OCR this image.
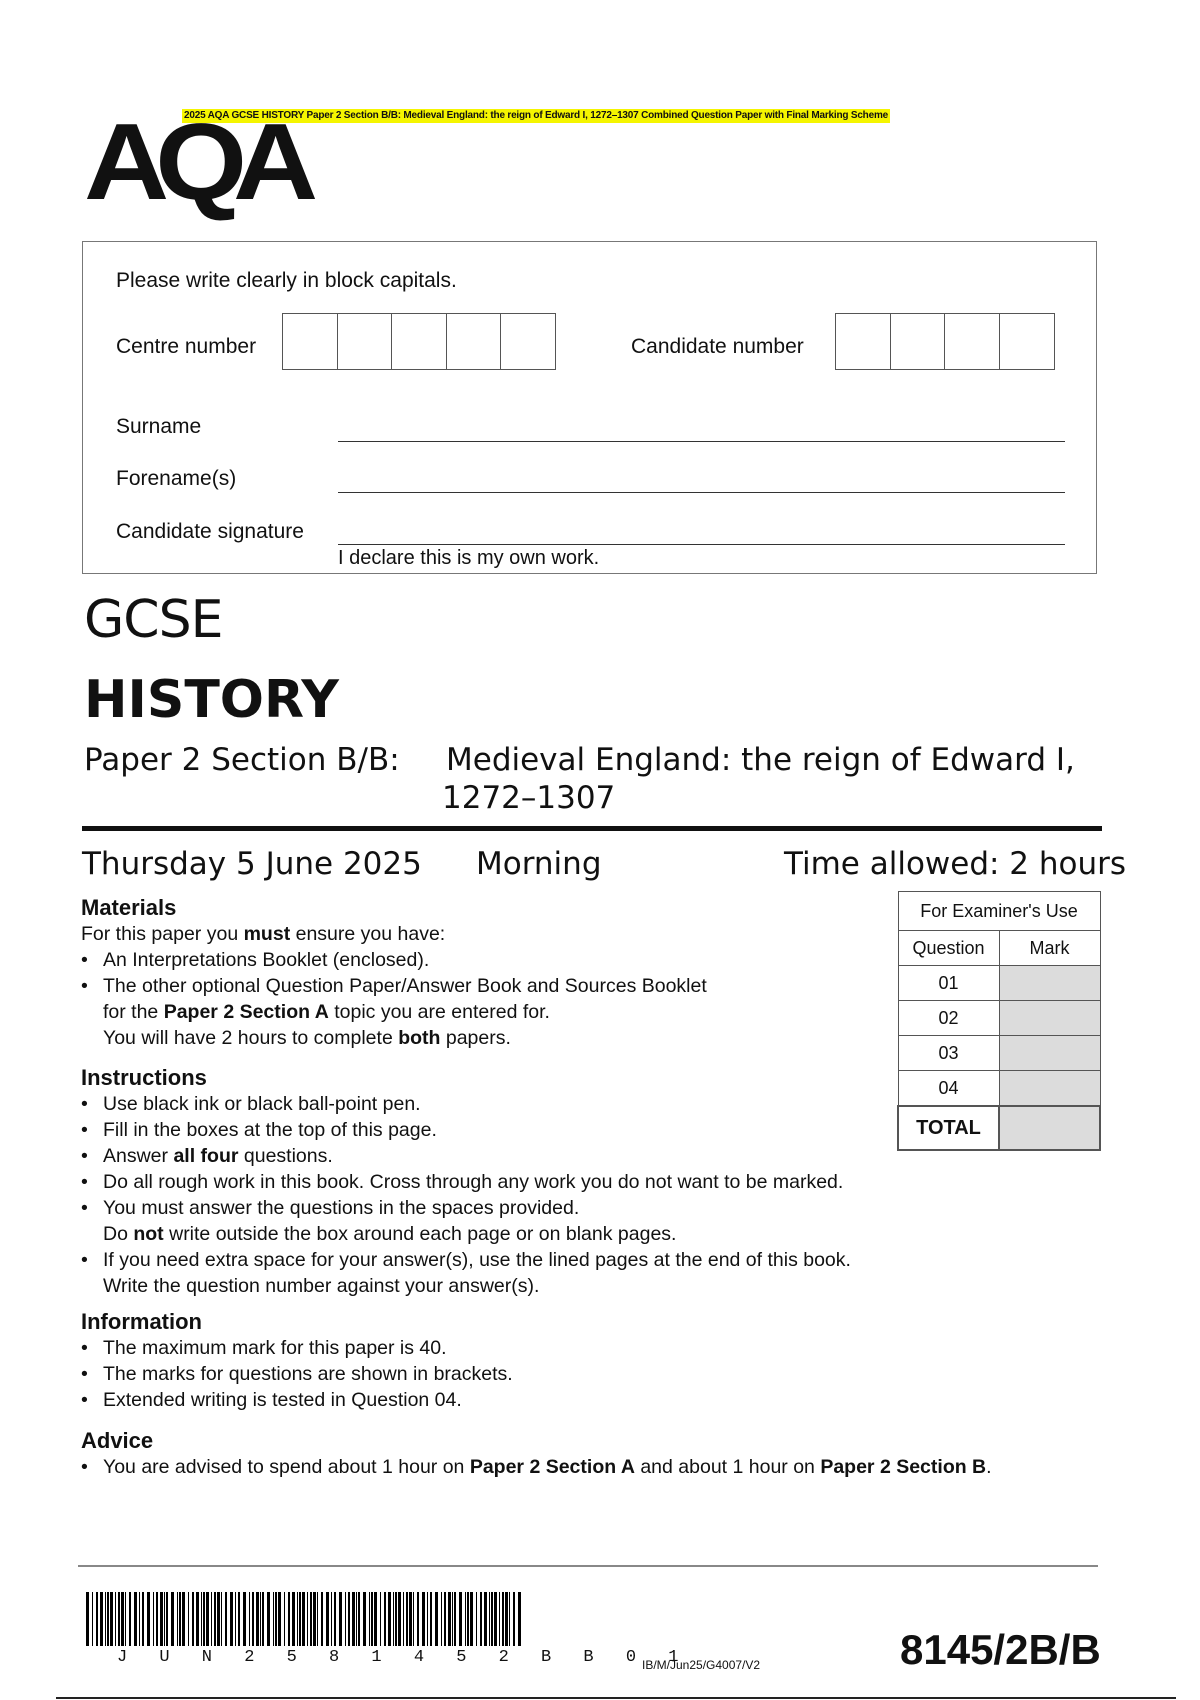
2025 AQA GCSE HISTORY Paper 2 Section B/B: Medieval England: the reign of Edward I, 1272–1307 Combined Question Paper with Final Marking Scheme
AQA
Please write clearly in block capitals.
Centre number	Candidate number
Surname
Forename(s)
Candidate signature
I declare this is my own work.
GCSE
HISTORY
Paper 2 Section B/B: Medieval England: the reign of Edward I,
1272–1307
Thursday 5 June 2025 Morning	Time allowed: 2 hours
Materials
For this paper you must ensure you have:
• An Interpretations Booklet (enclosed).
• The other optional Question Paper/Answer Book and Sources Booklet
for the Paper 2 Section A topic you are entered for.
You will have 2 hours to complete both papers.
Instructions
• Use black ink or black ball-point pen.
• Fill in the boxes at the top of this page.
• Answer all four questions.
• Do all rough work in this book. Cross through any work you do not want to be marked.
• You must answer the questions in the spaces provided.
Do not write outside the box around each page or on blank pages.
• If you need extra space for your answer(s), use the lined pages at the end of this book.
Write the question number against your answer(s).
Information
• The maximum mark for this paper is 40.
• The marks for questions are shown in brackets.
• Extended writing is tested in Question 04.
Advice
• You are advised to spend about 1 hour on Paper 2 Section A and about 1 hour on Paper 2 Section B.
For Examiner's Use	
Question	Mark
01	
02	
03	
04	
TOTAL	
J U N 2 5 8 1 4 5 2 B B 0 1
IB/M/Jun25/G4007/V2	8145/2B/B
